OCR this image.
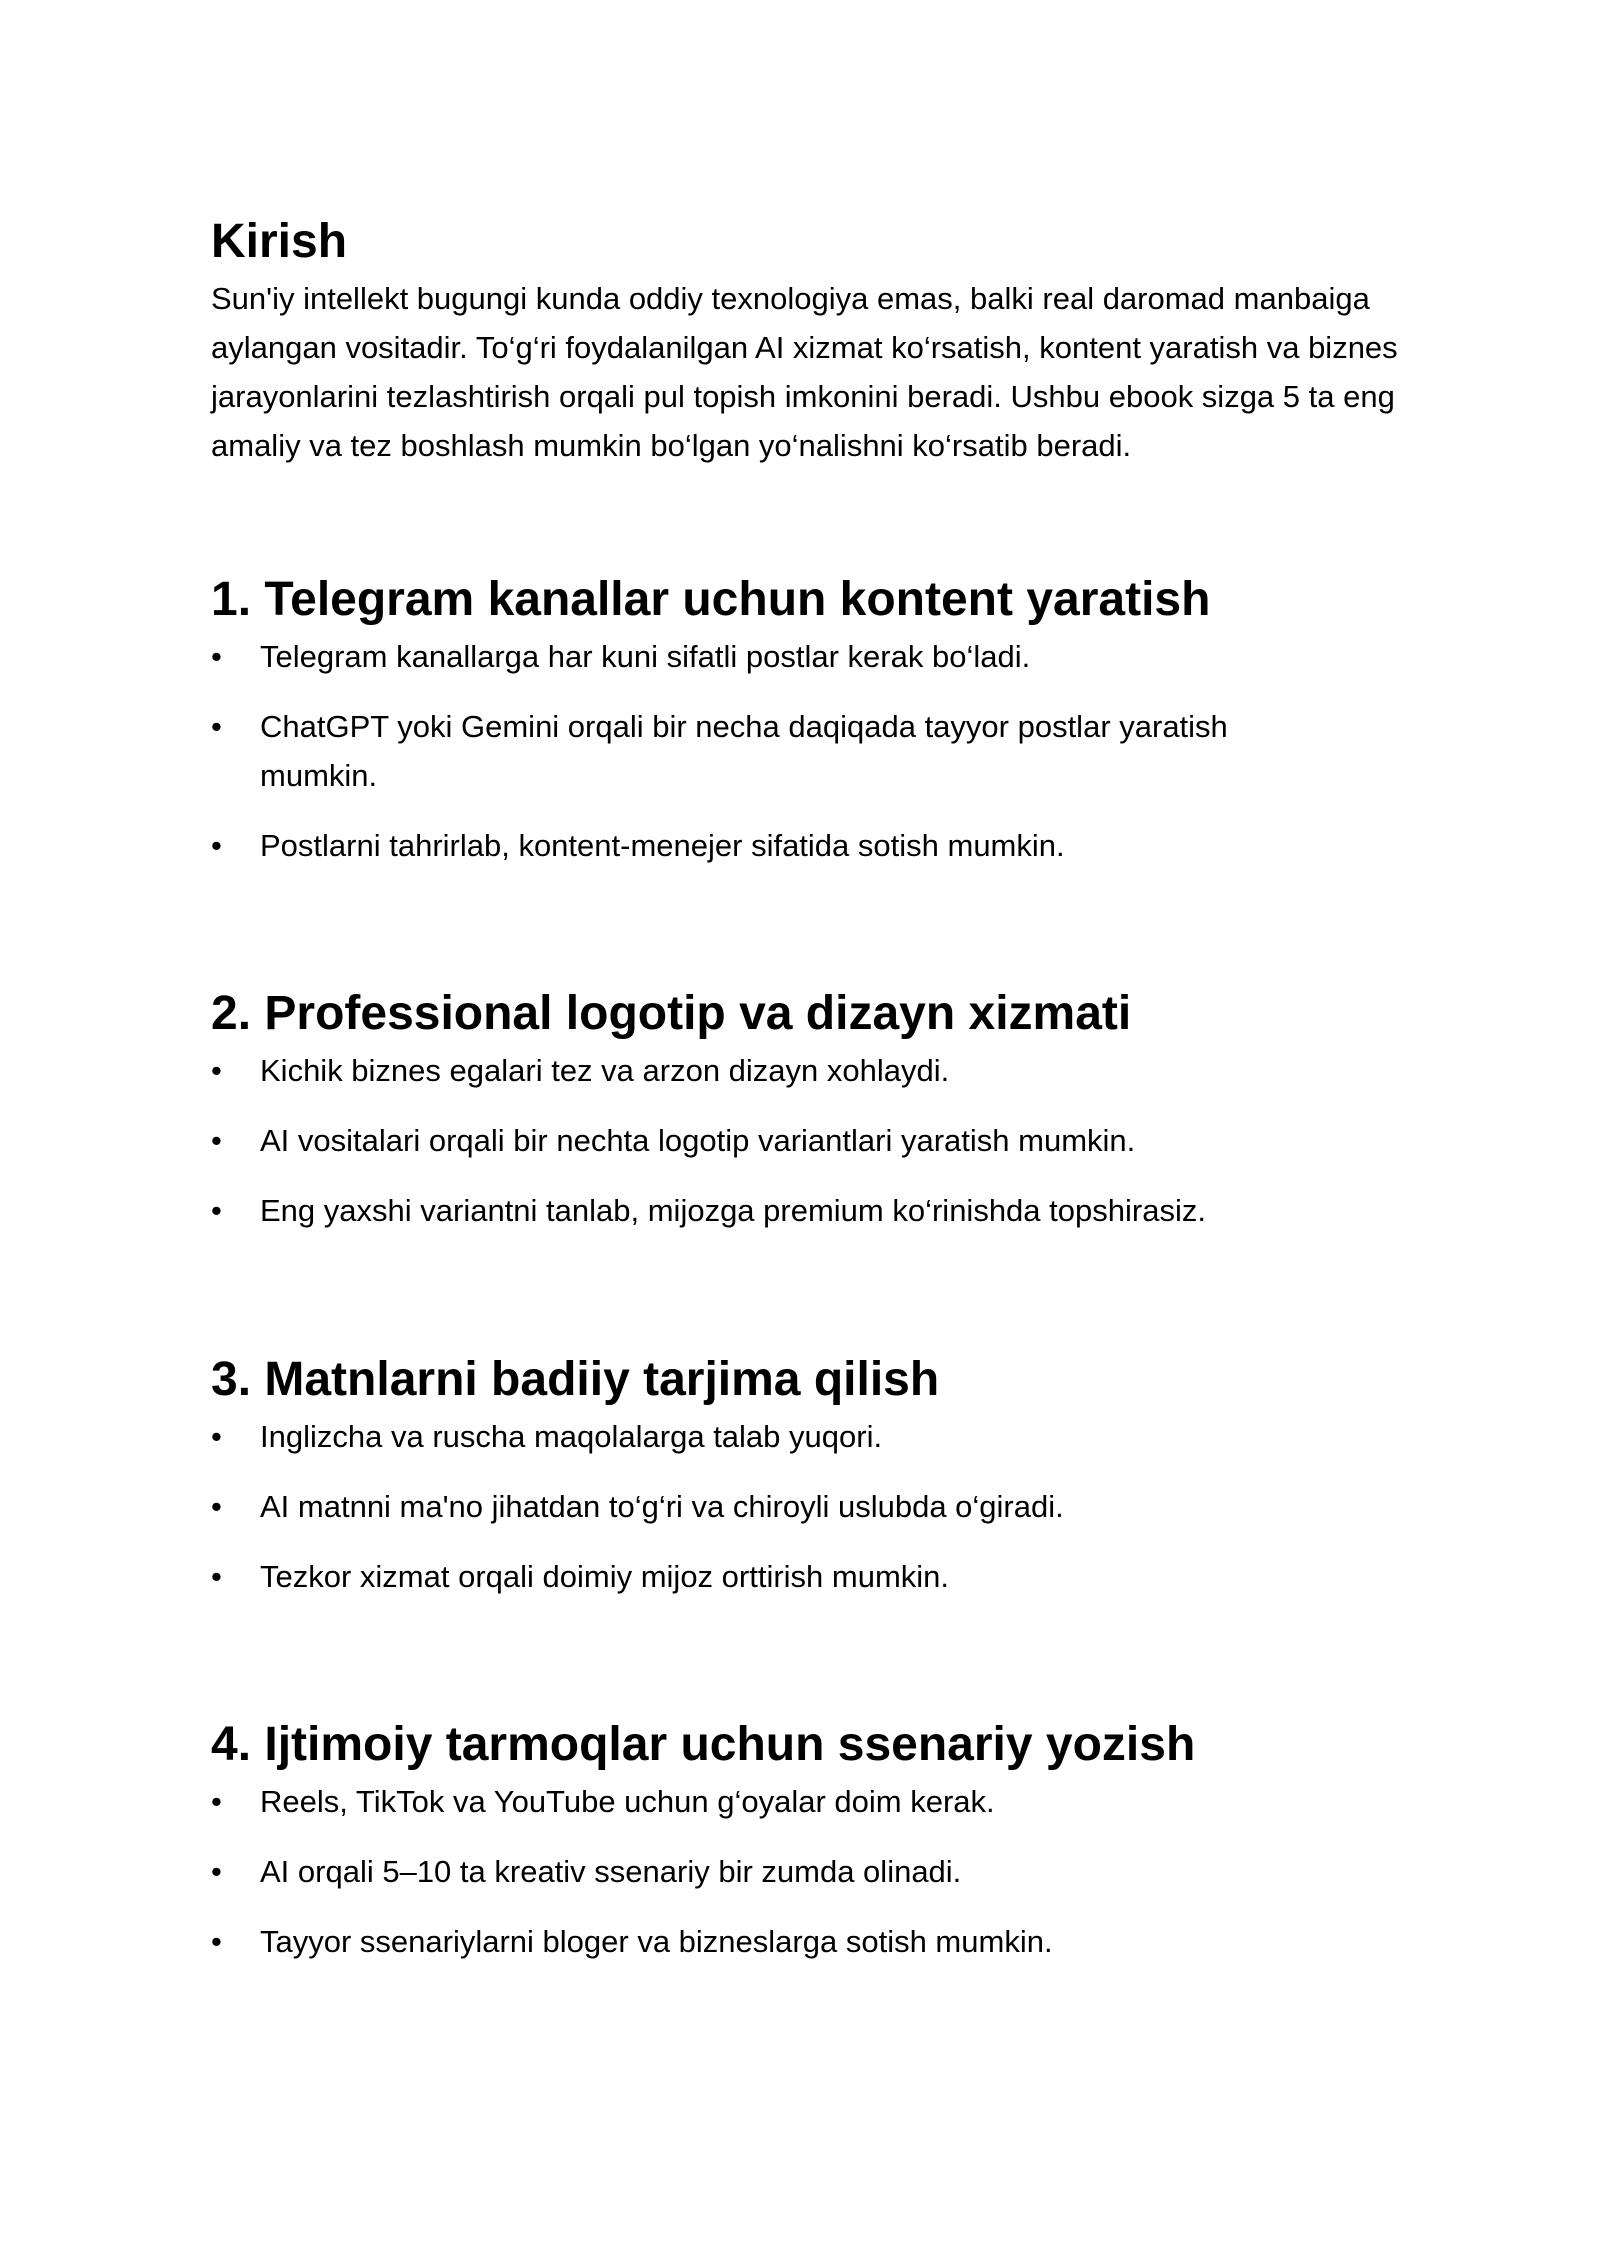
Kirish

Sun'iy intellekt bugungi kunda oddiy texnologiya emas, balki real daromad manbaiga aylangan vositadir. To‘g‘ri foydalanilgan AI xizmat ko‘rsatish, kontent yaratish va biznes jarayonlarini tezlashtirish orqali pul topish imkonini beradi. Ushbu ebook sizga 5 ta eng amaliy va tez boshlash mumkin bo‘lgan yo‘nalishni ko‘rsatib beradi.

1. Telegram kanallar uchun kontent yaratish
• Telegram kanallarga har kuni sifatli postlar kerak bo‘ladi.
• ChatGPT yoki Gemini orqali bir necha daqiqada tayyor postlar yaratish mumkin.
• Postlarni tahrirlab, kontent-menejer sifatida sotish mumkin.
2. Professional logotip va dizayn xizmati
• Kichik biznes egalari tez va arzon dizayn xohlaydi.
• AI vositalari orqali bir nechta logotip variantlari yaratish mumkin.
• Eng yaxshi variantni tanlab, mijozga premium ko‘rinishda topshirasiz.
3. Matnlarni badiiy tarjima qilish
• Inglizcha va ruscha maqolalarga talab yuqori.
• AI matnni ma'no jihatdan to‘g‘ri va chiroyli uslubda o‘giradi.
• Tezkor xizmat orqali doimiy mijoz orttirish mumkin.
4. Ijtimoiy tarmoqlar uchun ssenariy yozish
• Reels, TikTok va YouTube uchun g‘oyalar doim kerak.
• AI orqali 5–10 ta kreativ ssenariy bir zumda olinadi.
• Tayyor ssenariylarni bloger va bizneslarga sotish mumkin.
